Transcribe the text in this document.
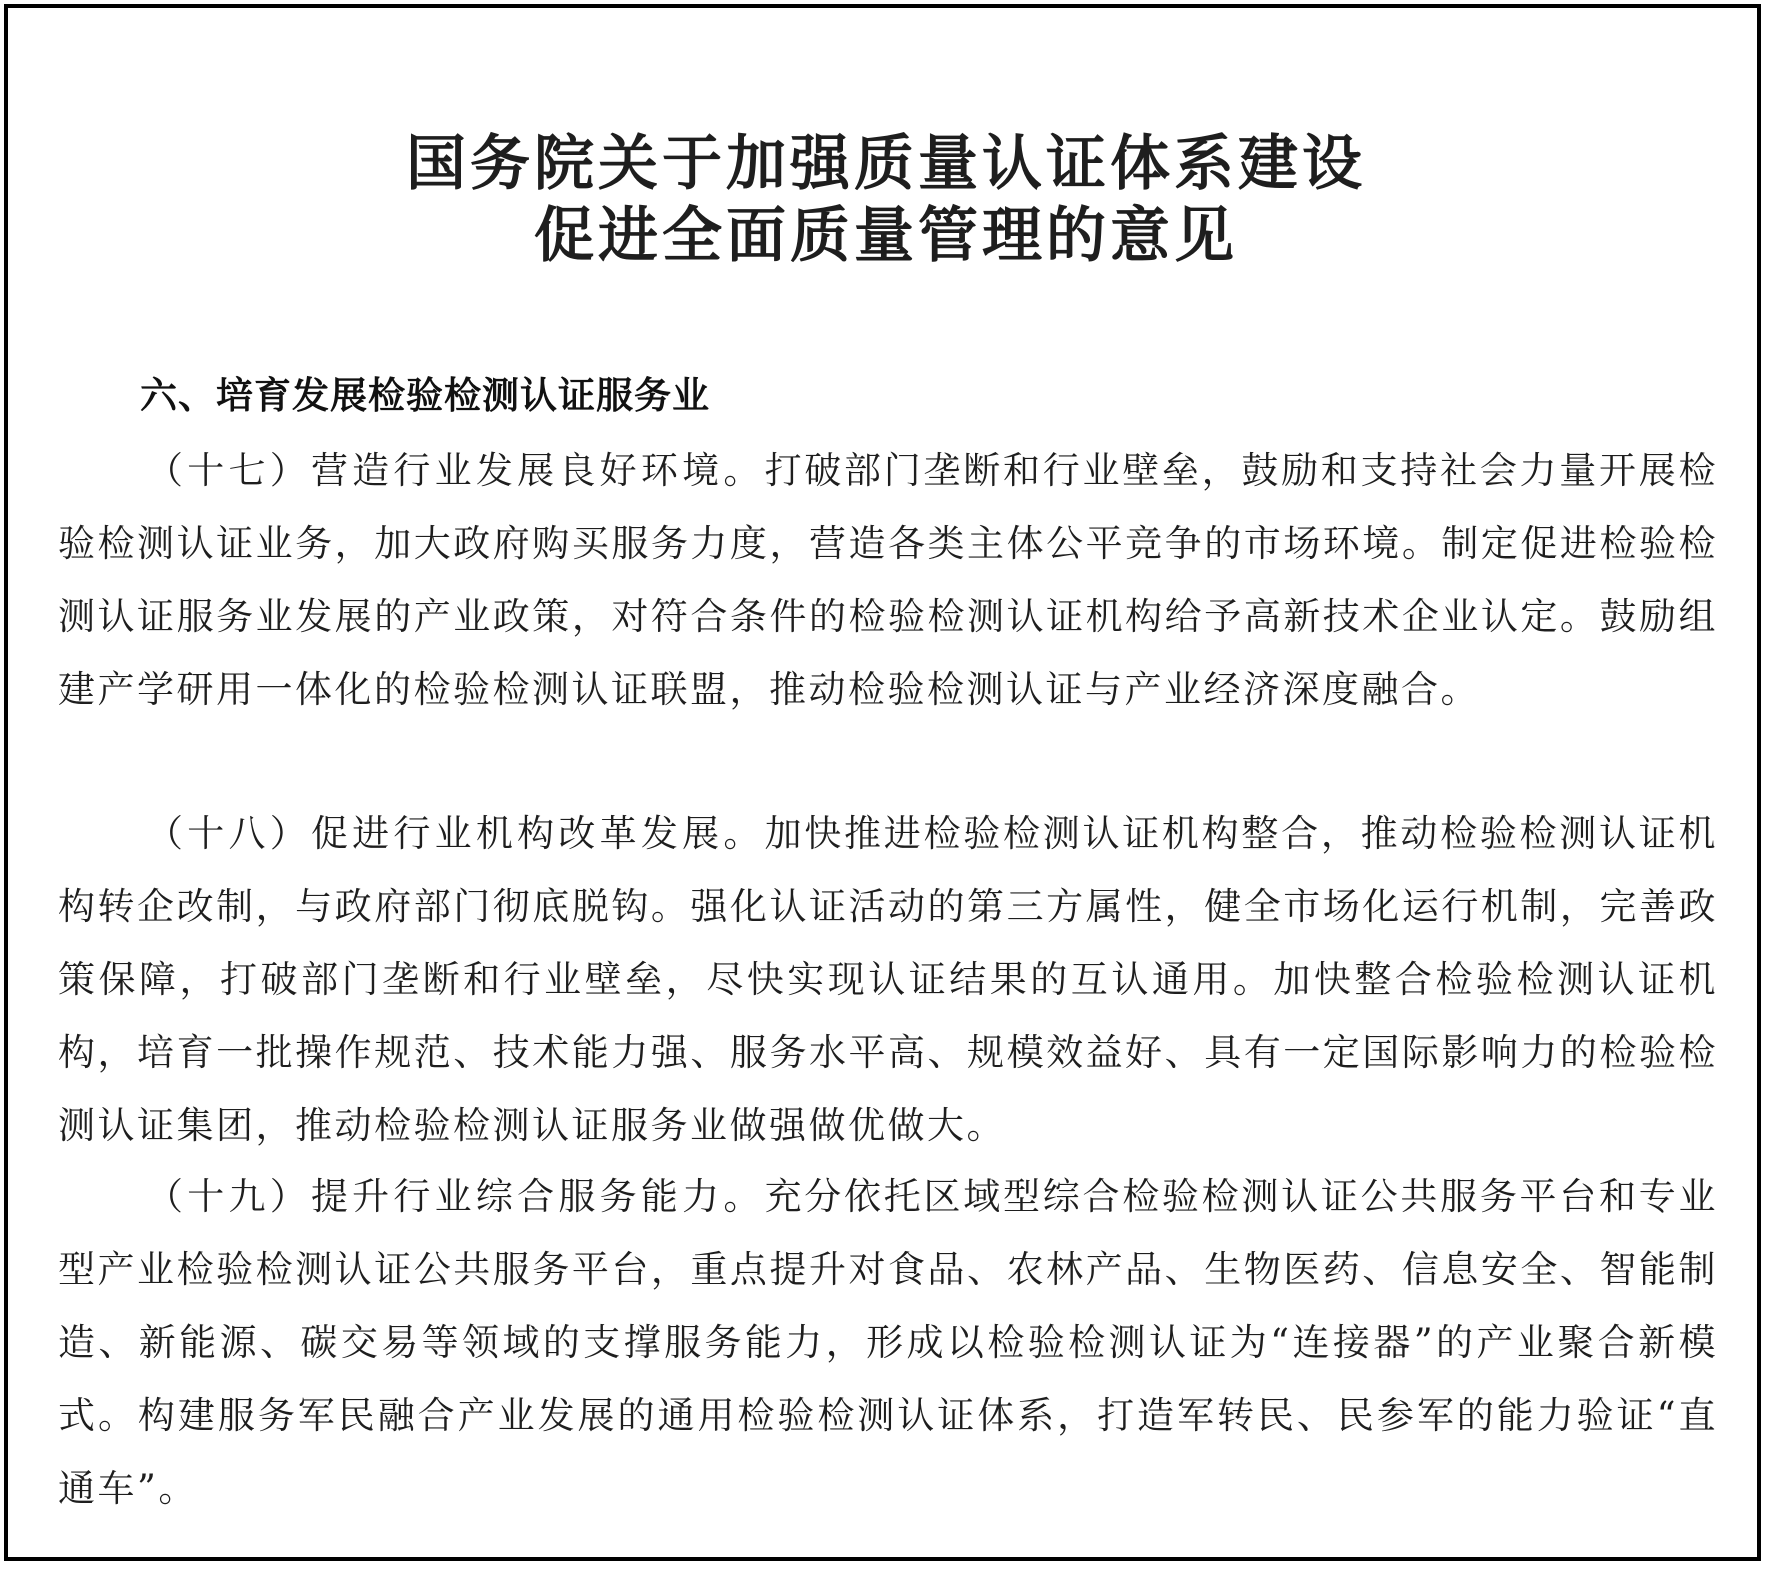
国务院关于加强质量认证体系建设
促进全面质量管理的意见
六、培育发展检验检测认证服务业

（十七）营造行业发展良好环境。打破部门垄断和行业壁垒，鼓励和支持社会力量开展检验检测认证业务，加大政府购买服务力度，营造各类主体公平竞争的市场环境。制定促进检验检测认证服务业发展的产业政策，对符合条件的检验检测认证机构给予高新技术企业认定。鼓励组建产学研用一体化的检验检测认证联盟，推动检验检测认证与产业经济深度融合。

（十八）促进行业机构改革发展。加快推进检验检测认证机构整合，推动检验检测认证机构转企改制，与政府部门彻底脱钩。强化认证活动的第三方属性，健全市场化运行机制，完善政策保障，打破部门垄断和行业壁垒，尽快实现认证结果的互认通用。加快整合检验检测认证机构，培育一批操作规范、技术能力强、服务水平高、规模效益好、具有一定国际影响力的检验检测认证集团，推动检验检测认证服务业做强做优做大。

（十九）提升行业综合服务能力。充分依托区域型综合检验检测认证公共服务平台和专业型产业检验检测认证公共服务平台，重点提升对食品、农林产品、生物医药、信息安全、智能制造、新能源、碳交易等领域的支撑服务能力，形成以检验检测认证为“连接器”的产业聚合新模式。构建服务军民融合产业发展的通用检验检测认证体系，打造军转民、民参军的能力验证“直通车”。
